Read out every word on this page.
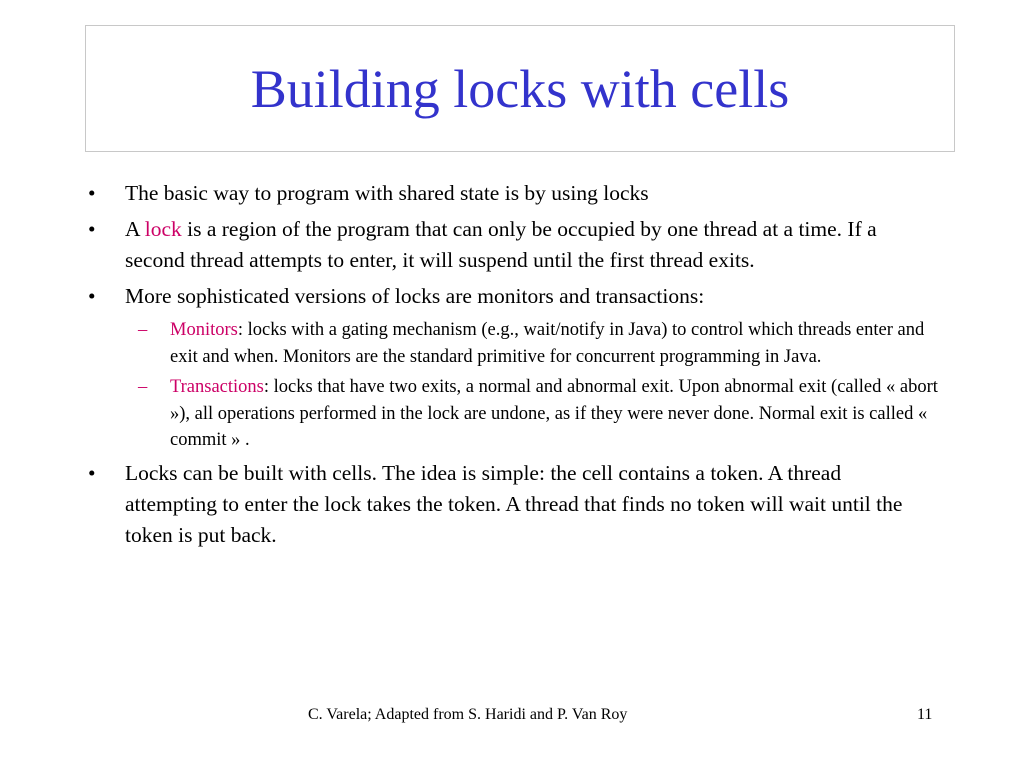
Building locks with cells
• The basic way to program with shared state is by using locks
• A lock is a region of the program that can only be occupied by one thread at a time. If a second thread attempts to enter, it will suspend until the first thread exits.
• More sophisticated versions of locks are monitors and transactions:
– Monitors: locks with a gating mechanism (e.g., wait/notify in Java) to control which threads enter and exit and when. Monitors are the standard primitive for concurrent programming in Java.
– Transactions: locks that have two exits, a normal and abnormal exit. Upon abnormal exit (called « abort »), all operations performed in the lock are undone, as if they were never done. Normal exit is called « commit » .
• Locks can be built with cells. The idea is simple: the cell contains a token. A thread attempting to enter the lock takes the token. A thread that finds no token will wait until the token is put back.
C. Varela; Adapted from S. Haridi and P. Van Roy	11
